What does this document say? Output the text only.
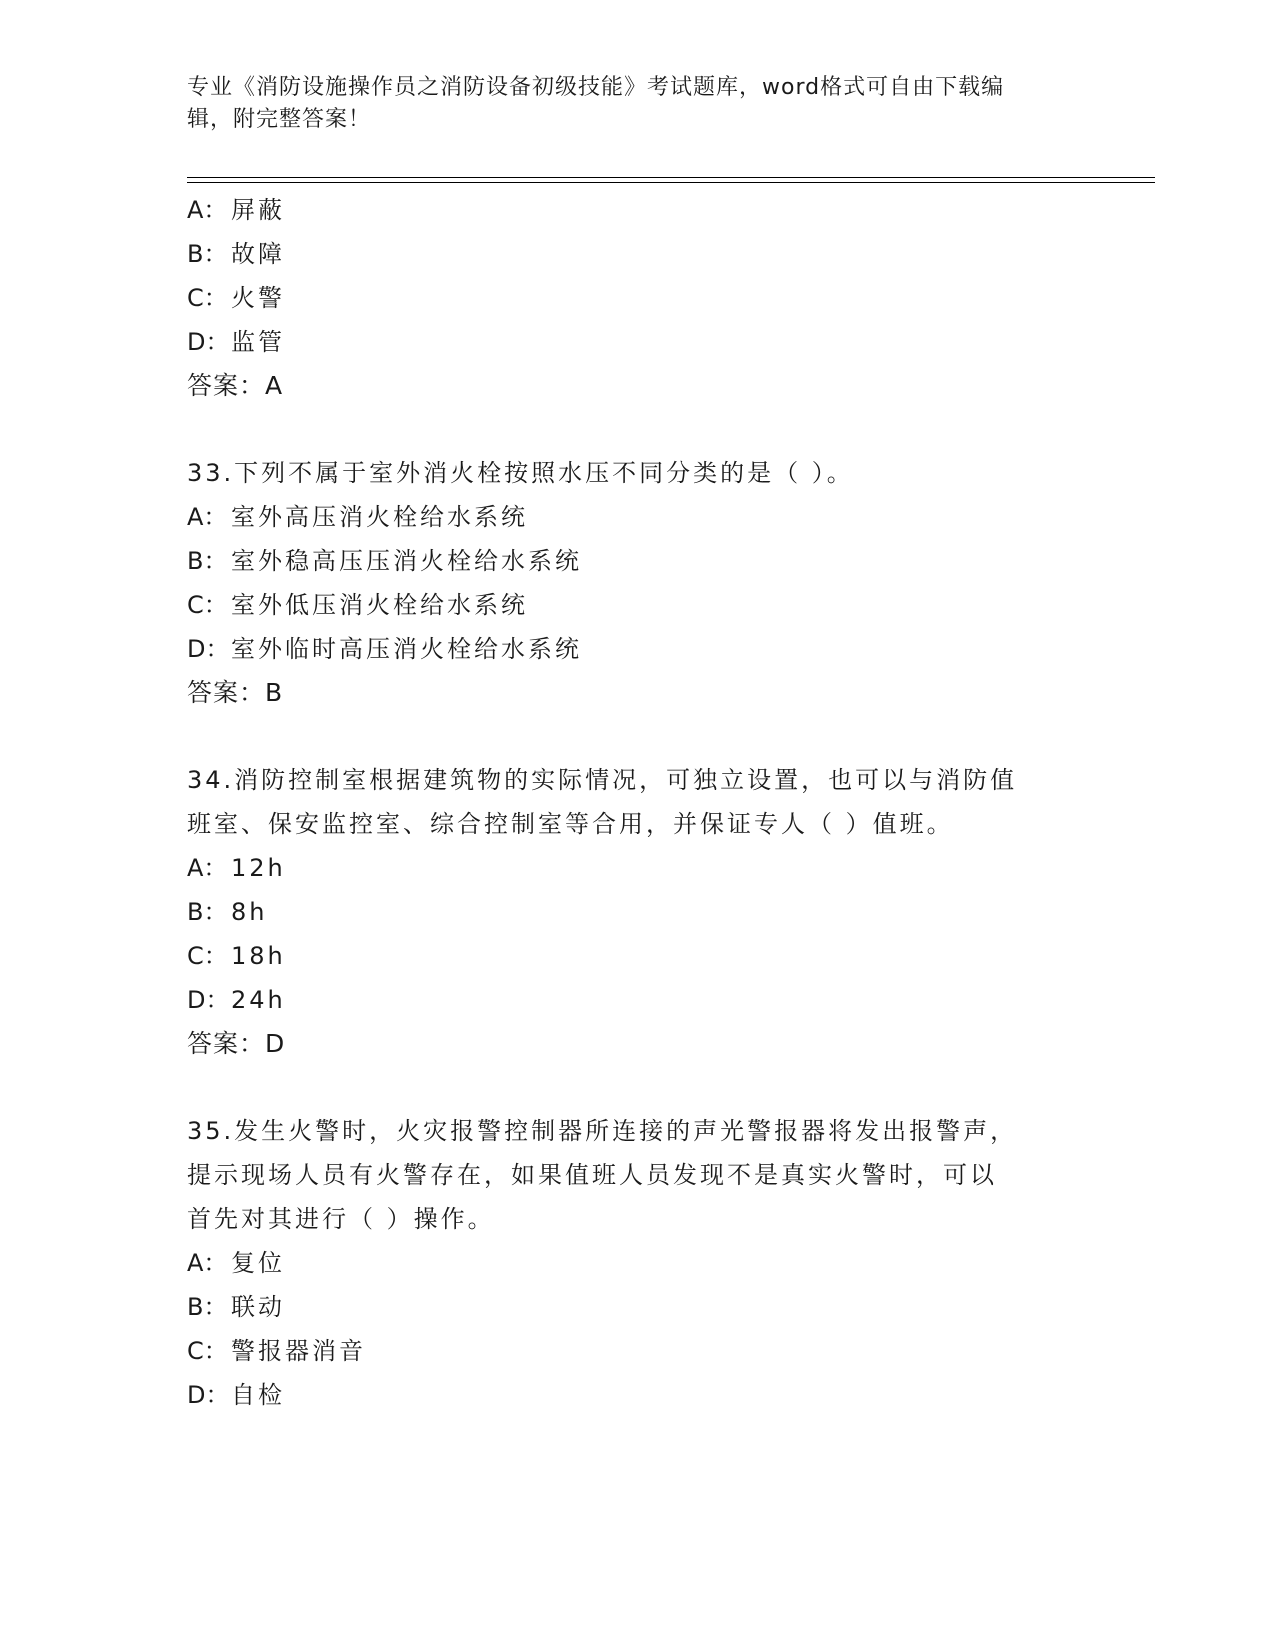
专业《消防设施操作员之消防设备初级技能》考试题库，word格式可自由下载编
辑，附完整答案！
A： 屏蔽
B： 故障
C： 火警
D：监管
答案：A
33.下列不属于室外消火栓按照水压不同分类的是（ ）。
A： 室外高压消火栓给水系统
B： 室外稳高压压消火栓给水系统
C： 室外低压消火栓给水系统
D：室外临时高压消火栓给水系统
答案：B
34.消防控制室根据建筑物的实际情况，可独立设置，也可以与消防值
班室、保安监控室、综合控制室等合用，并保证专人（ ）值班。
A： 12h
B： 8h
C： 18h
D：24h
答案：D
35.发生火警时，火灾报警控制器所连接的声光警报器将发出报警声，
提示现场人员有火警存在，如果值班人员发现不是真实火警时，可以
首先对其进行（ ）操作。
A： 复位
B： 联动
C： 警报器消音
D：自检
